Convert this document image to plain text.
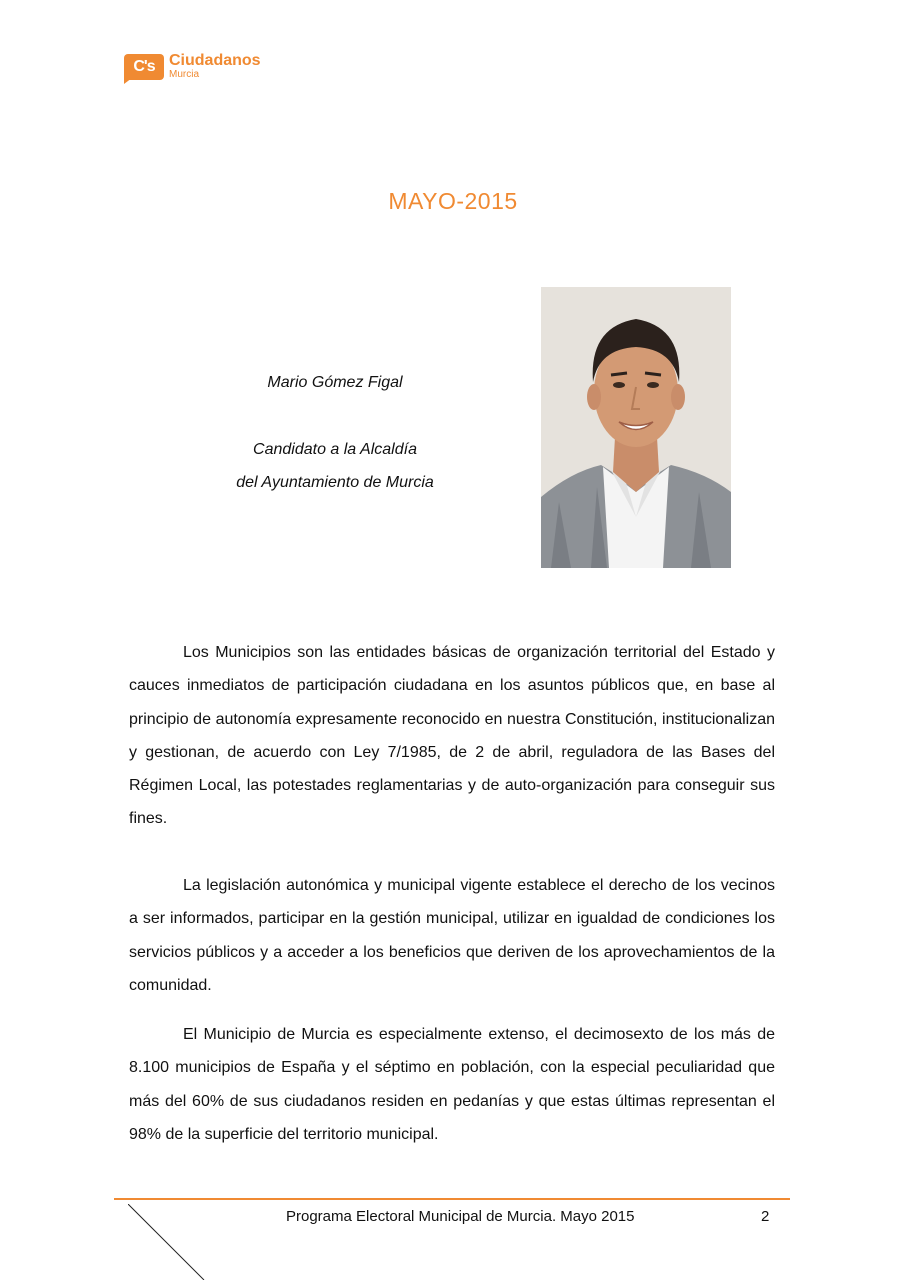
C's Ciudadanos
Murcia
MAYO-2015
Mario Gómez Figal
Candidato a la Alcaldía
del Ayuntamiento de Murcia

Los Municipios son las entidades básicas de organización territorial del Estado y cauces inmediatos de participación ciudadana en los asuntos públicos que, en base al principio de autonomía expresamente reconocido en nuestra Constitución, institucionalizan y gestionan, de acuerdo con Ley 7/1985, de 2 de abril, reguladora de las Bases del Régimen Local, las potestades reglamentarias y de auto-organización para conseguir sus fines.

La legislación autonómica y municipal vigente establece el derecho de los vecinos a ser informados, participar en la gestión municipal, utilizar en igualdad de condiciones los servicios públicos y a acceder a los beneficios que deriven de los aprovechamientos de la comunidad.

El Municipio de Murcia es especialmente extenso, el decimosexto de los más de 8.100 municipios de España y el séptimo en población, con la especial peculiaridad que más del 60% de sus ciudadanos residen en pedanías y que estas últimas representan el 98% de la superficie del territorio municipal.

Programa Electoral Municipal de Murcia. Mayo 2015	2
